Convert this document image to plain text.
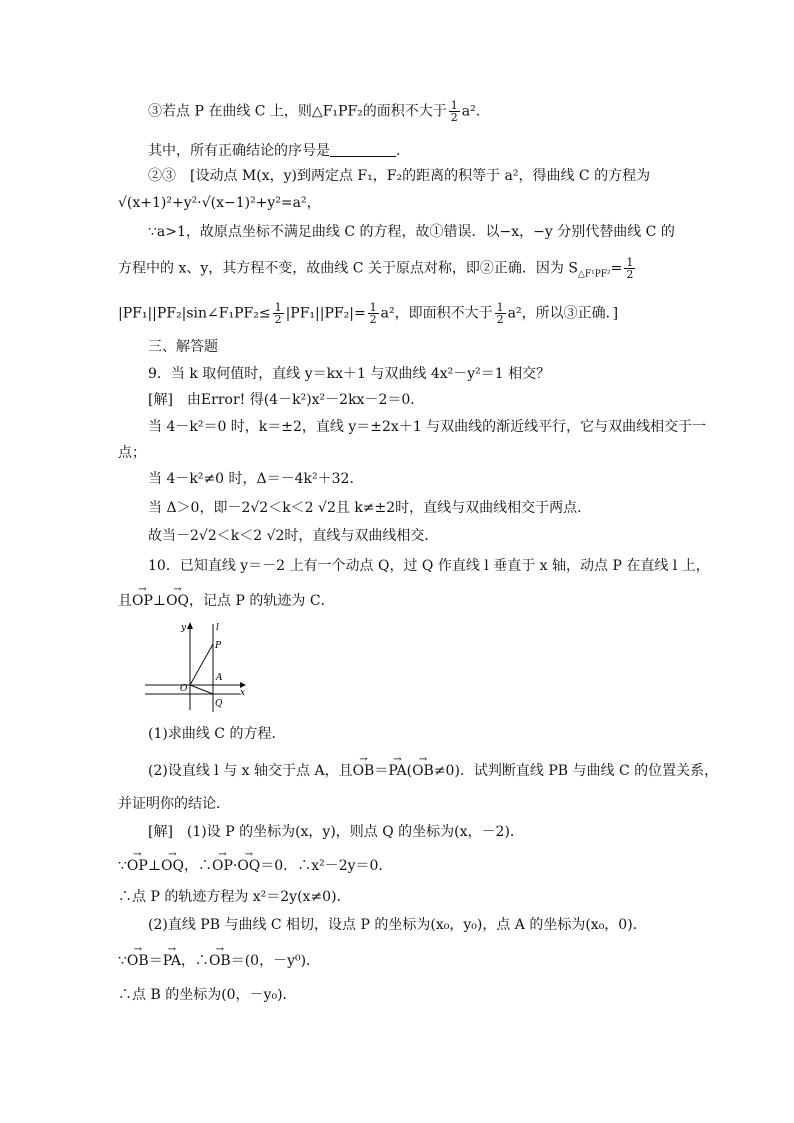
③若点 P 在曲线 C 上，则△F₁PF₂的面积不大于 $\frac{1}{2} a^2$.
其中，所有正确结论的序号是	.
②③　[设动点 M(x，y)到两定点 F₁，F₂的距离的积等于 a²，得曲线 C 的方程为
√(x+1)²+y²·√(x−1)²+y²=a²，
∵a>1，故原点坐标不满足曲线 C 的方程，故①错误．以−x，−y 分别代替曲线 C 的
方程中的 x、y，其方程不变，故曲线 C 关于原点对称，即②正确．因为 $S_{\triangle F^1PF^2}= \frac{1}{2}$
|PF₁||PF₂|sin∠F₁PF₂≤ $\frac{1}{2} |PF_1||PF_2|= \frac{1}{2} a^2$，即面积不大于 $\frac{1}{2} a^2$，所以③正确．]
三、解答题
9．当 k 取何值时，直线 y＝kx＋1 与双曲线 4x²－y²＝1 相交？
[解]　由Error! 得(4－k²)x²－2kx－2＝0．
当 4－k²＝0 时，k＝±2，直线 y＝±2x＋1 与双曲线的渐近线平行，它与双曲线相交于一
点；
当 4－k²≠0 时，Δ＝－4k²＋32．
当 Δ＞0，即－2√2＜k＜2 √2且 k≠±2时，直线与双曲线相交于两点．
故当－2√2＜k＜2 √2时，直线与双曲线相交．
10．已知直线 y＝－2 上有一个动点 Q，过 Q 作直线 l 垂直于 x 轴，动点 P 在直线 l 上，
且→ OP⊥→ OQ，记点 P 的轨迹为 C．
y	l
P
O
A
x
Q
(1)求曲线 C 的方程．
(2)设直线 l 与 x 轴交于点 A，且→ OB＝→ PA(→ OB≠0)．试判断直线 PB 与曲线 C 的位置关系，
并证明你的结论．
[解]　(1)设 P 的坐标为(x，y)，则点 Q 的坐标为(x，－2)．
∵→ OP⊥→ OQ，∴→ OP·→ OQ＝0．∴x²－2y＝0．
∴点 P 的轨迹方程为 x²＝2y(x≠0)．
(2)直线 PB 与曲线 C 相切，设点 P 的坐标为(x₀，y₀)，点 A 的坐标为(x₀，0)．
∵→ OB＝→ PA，∴→ OB＝(0，－y⁰)．
∴点 B 的坐标为(0，－y₀)．
